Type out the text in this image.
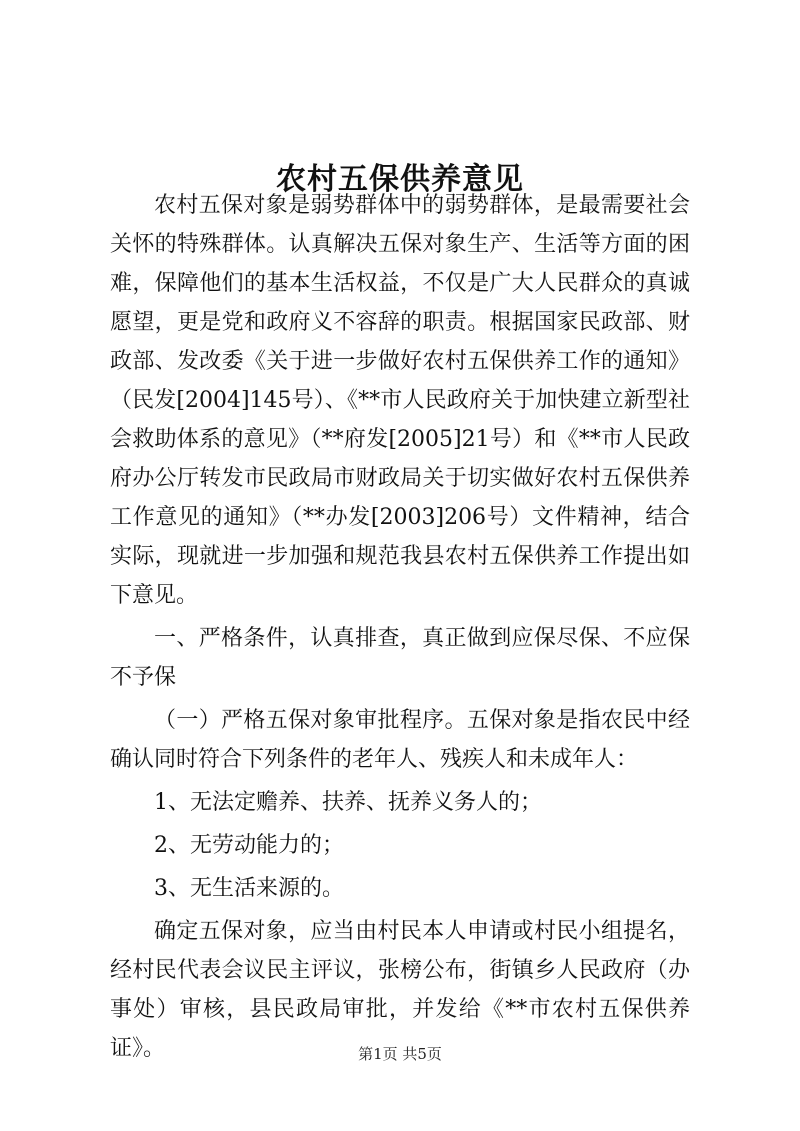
农村五保供养意见

农村五保对象是弱势群体中的弱势群体，是最需要社会关怀的特殊群体。认真解决五保对象生产、生活等方面的困难，保障他们的基本生活权益，不仅是广大人民群众的真诚愿望，更是党和政府义不容辞的职责。根据国家民政部、财政部、发改委《关于进一步做好农村五保供养工作的通知》（民发[2004]145号）、《**市人民政府关于加快建立新型社会救助体系的意见》（**府发[2005]21号）和《**市人民政府办公厅转发市民政局市财政局关于切实做好农村五保供养工作意见的通知》（**办发[2003]206号）文件精神，结合实际，现就进一步加强和规范我县农村五保供养工作提出如下意见。

一、严格条件，认真排查，真正做到应保尽保、不应保不予保

（一）严格五保对象审批程序。五保对象是指农民中经确认同时符合下列条件的老年人、残疾人和未成年人：

1、无法定赡养、扶养、抚养义务人的；

2、无劳动能力的；

3、无生活来源的。

确定五保对象，应当由村民本人申请或村民小组提名，经村民代表会议民主评议，张榜公布，街镇乡人民政府（办事处）审核，县民政局审批，并发给《**市农村五保供养证》。	第1页 共5页
